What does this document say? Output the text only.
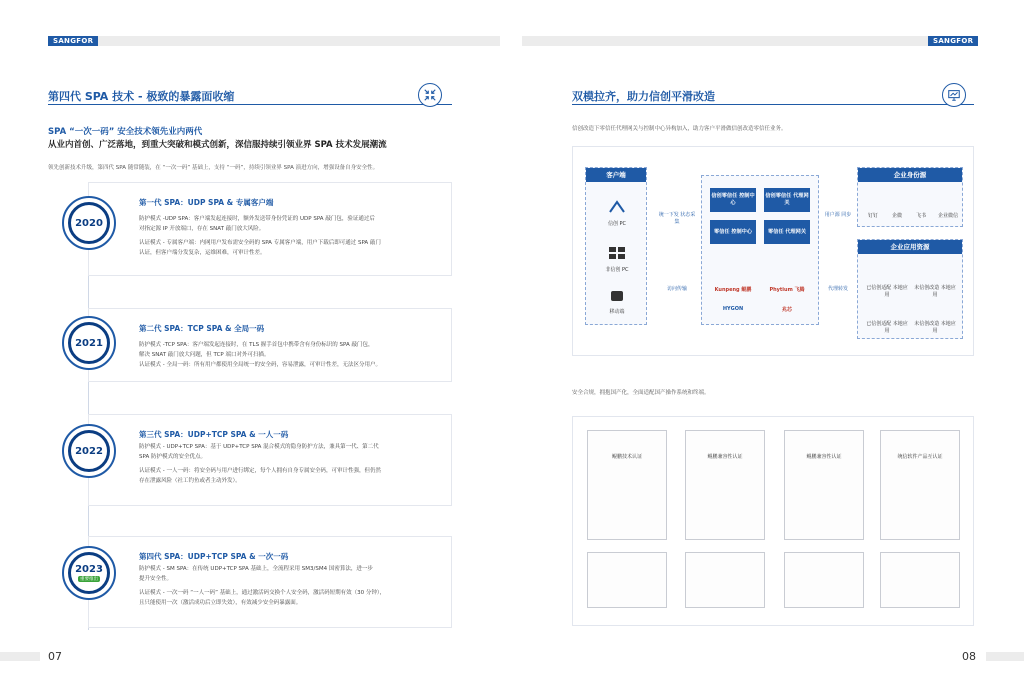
SANGFOR	SANGFOR
第四代 SPA 技术 - 极致的暴露面收缩
SPA “一次一码” 安全技术领先业内两代
从业内首创、广泛落地，到重大突破和模式创新，深信服持续引领业界 SPA 技术发展潮流
领先创新技术升级，第四代 SPA 随常随装，在 “一次一码” 基础上，支持 “一码”，持续引领业界 SPA 演进方向，增强设备自身安全性。
第一代 SPA：UDP SPA & 专属客户端
防护模式 -UDP SPA：客户端发起连接时，额外发送带身份凭证的 UDP SPA 敲门包，验证通过后
对指定源 IP 开放端口，存在 SNAT 敲门放大风险。
认证模式 - 专属客户端：内网用户发布需安全码的 SPA 专属客户端，用户下载后即可通过 SPA 敲门
认证，但客户端分发复杂，运维困难，可审计性差。
2020
第二代 SPA：TCP SPA & 全局一码
防护模式 -TCP SPA：客户端发起连接时，在 TLS 握手首包中携带含有身份标识的 SPA 敲门包，
解决 SNAT 敲门放大问题，但 TCP 端口对外可扫描。
认证模式 - 全局一码：所有用户都使用全局统一的安全码，容易泄露，可审计性差，无法区分用户。
2021
第三代 SPA：UDP+TCP SPA & 一人一码
防护模式 - UDP+TCP SPA：基于 UDP+TCP SPA 混合模式的隐身防护方法，兼具第一代、第二代
SPA 防护模式的安全优点。
认证模式 - 一人一码：将安全码与用户进行绑定，每个人拥有自身专属安全码，可审计性强，但仍然
存在泄露风险（社工钓鱼或者主动外发）。
2022
第四代 SPA：UDP+TCP SPA & 一次一码
防护模式 - SM SPA：在传统 UDP+TCP SPA 基础上，全流程采用 SM3/SM4 国密算法，进一步
提升安全性。
认证模式 - 一次一码 “一人一码” 基础上，通过激活码交换个人安全码，激活码短期有效（30 分钟），
且只能使用一次（激活成功后立即失效），有效减少安全码暴露面。
2023
重要推出
07
双模拉齐，助力信创平滑改造
信创改造下零信任代理网关与控制中心异构加入，助力客户平滑做信创改造零信任业务。
客户端
信创 PC
非信创 PC
移动端
统一下发 状态采集
访问传输
用户源 同步
代理转发
信创零信任 控制中心
信创零信任 代理网关
零信任 控制中心	零信任 代理网关
Kunpeng 鲲鹏	Phytium 飞腾
HYGON	兆芯
企业身份源
钉钉	企微	飞书	企业微信
企业应用资源
已信创适配 本地应用
未信创改造 本地应用
已信创适配 本地应用
未信创改造 本地应用
安全合规，拥抱国产化，全面适配国产操作系统和终端。
鲲鹏技术认证	鲲鹏兼容性认证	鲲鹏兼容性认证	统信软件产品互认证
08
